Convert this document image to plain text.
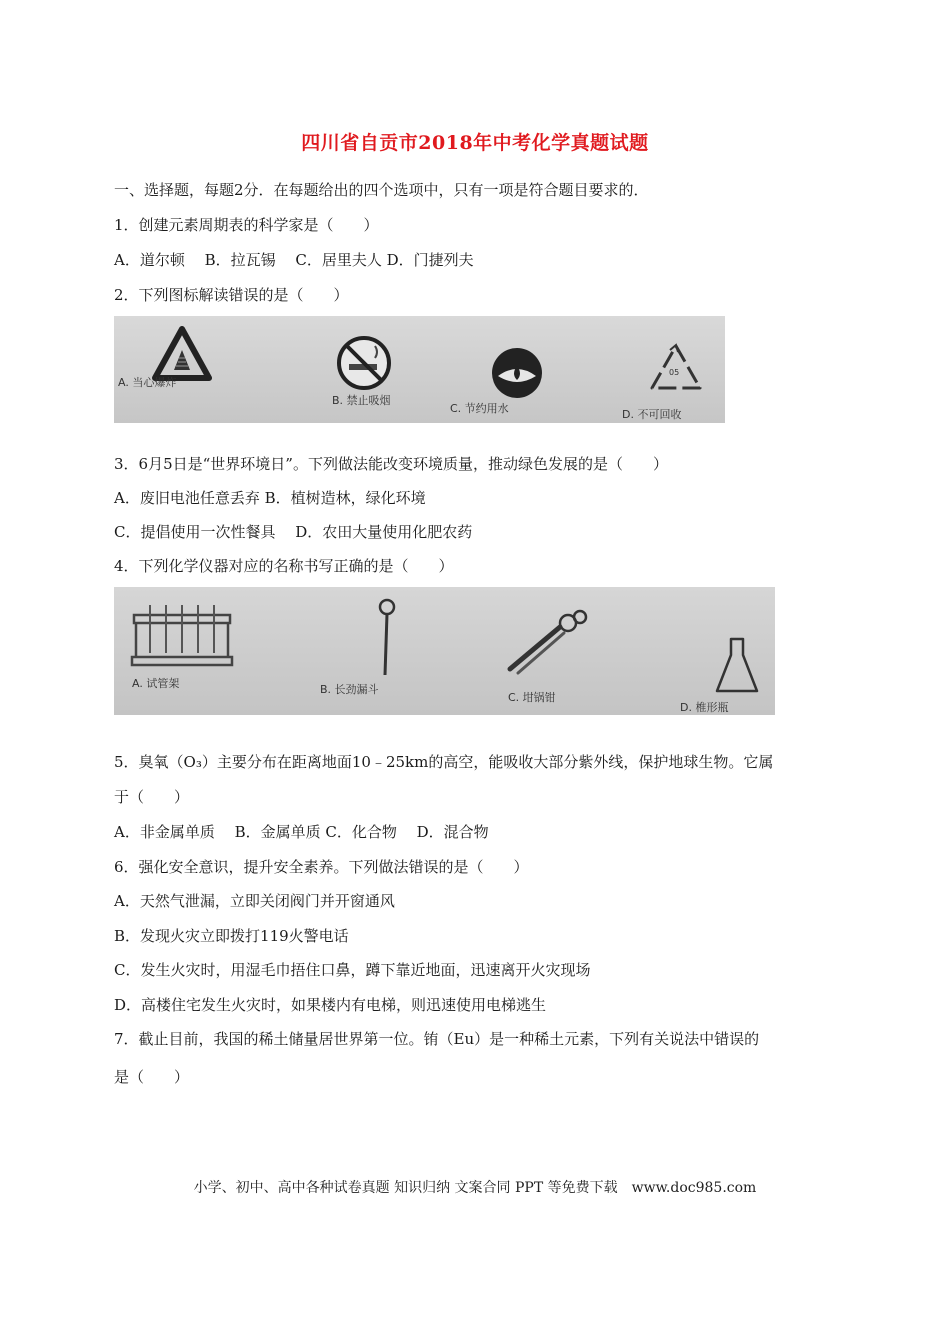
四川省自贡市2018年中考化学真题试题
一、选择题，每题2分．在每题给出的四个选项中，只有一项是符合题目要求的．
1．创建元素周期表的科学家是（　　）
A．道尔顿　 B．拉瓦锡　 C．居里夫人 D．门捷列夫
2．下列图标解读错误的是（　　）
A. 当心爆炸
B. 禁止吸烟
C. 节约用水
05
D. 不可回收
3．6月5日是“世界环境日”。下列做法能改变环境质量，推动绿色发展的是（　　）
A．废旧电池任意丢弃 B．植树造林，绿化环境
C．提倡使用一次性餐具　 D．农田大量使用化肥农药
4．下列化学仪器对应的名称书写正确的是（　　）
A. 试管架	B. 长劲漏斗
C. 坩锅钳
D. 椎形瓶
5．臭氧（O₃）主要分布在距离地面10﹣25km的高空，能吸收大部分紫外线，保护地球生物。它属
于（　　）
A．非金属单质　 B．金属单质 C．化合物　 D．混合物
6．强化安全意识，提升安全素养。下列做法错误的是（　　）
A．天然气泄漏，立即关闭阀门并开窗通风
B．发现火灾立即拨打119火警电话
C．发生火灾时，用湿毛巾捂住口鼻，蹲下靠近地面，迅速离开火灾现场
D．高楼住宅发生火灾时，如果楼内有电梯，则迅速使用电梯逃生
7．截止目前，我国的稀土储量居世界第一位。铕（Eu）是一种稀土元素，下列有关说法中错误的
是（　　）
小学、初中、高中各种试卷真题 知识归纳 文案合同 PPT 等免费下载　www.doc985.com
